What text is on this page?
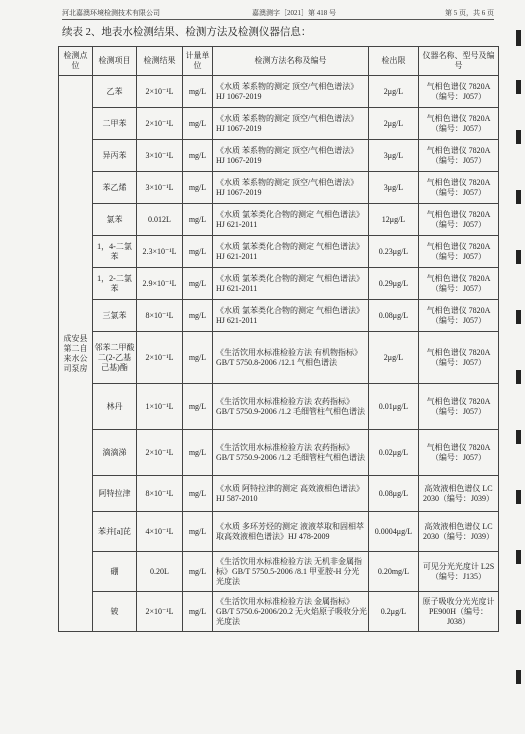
河北嘉澳环境检测技术有限公司	嘉澳测字［2021］第 418 号	第 5 页，共 6 页
续表 2、地表水检测结果、检测方法及检测仪器信息：
检测点位	检测项目	检测结果	计量单位	检测方法名称及编号	检出限	仪器名称、型号及编号
成安县第二自来水公司泵房	乙苯	2×10⁻¹L	mg/L	《水质 苯系物的测定 顶空/气相色谱法》HJ 1067-2019	2μg/L	气相色谱仪 7820A（编号：J057）
	二甲苯	2×10⁻¹L	mg/L	《水质 苯系物的测定 顶空/气相色谱法》HJ 1067-2019	2μg/L	气相色谱仪 7820A（编号：J057）
	异丙苯	3×10⁻¹L	mg/L	《水质 苯系物的测定 顶空/气相色谱法》HJ 1067-2019	3μg/L	气相色谱仪 7820A（编号：J057）
	苯乙烯	3×10⁻¹L	mg/L	《水质 苯系物的测定 顶空/气相色谱法》HJ 1067-2019	3μg/L	气相色谱仪 7820A（编号：J057）
	氯苯	0.012L	mg/L	《水质 氯苯类化合物的测定 气相色谱法》HJ 621-2011	12μg/L	气相色谱仪 7820A（编号：J057）
	1，4-二氯苯	2.3×10⁻¹L	mg/L	《水质 氯苯类化合物的测定 气相色谱法》HJ 621-2011	0.23μg/L	气相色谱仪 7820A（编号：J057）
	1，2-二氯苯	2.9×10⁻¹L	mg/L	《水质 氯苯类化合物的测定 气相色谱法》HJ 621-2011	0.29μg/L	气相色谱仪 7820A（编号：J057）
	三氯苯	8×10⁻¹L	mg/L	《水质 氯苯类化合物的测定 气相色谱法》HJ 621-2011	0.08μg/L	气相色谱仪 7820A（编号：J057）
	邻苯二甲酸二(2-乙基己基)酯	2×10⁻¹L	mg/L	《生活饮用水标准检验方法 有机物指标》GB/T 5750.8-2006 /12.1 气相色谱法	2μg/L	气相色谱仪 7820A（编号：J057）
	林丹	1×10⁻¹L	mg/L	《生活饮用水标准检验方法 农药指标》GB/T 5750.9-2006 /1.2 毛细管柱气相色谱法	0.01μg/L	气相色谱仪 7820A（编号：J057）
	滴滴涕	2×10⁻¹L	mg/L	《生活饮用水标准检验方法 农药指标》GB/T 5750.9-2006 /1.2 毛细管柱气相色谱法	0.02μg/L	气相色谱仪 7820A（编号：J057）
	阿特拉津	8×10⁻¹L	mg/L	《水质 阿特拉津的测定 高效液相色谱法》HJ 587-2010	0.08μg/L	高效液相色谱仪 LC 2030（编号：J039）
	苯并[a]芘	4×10⁻¹L	mg/L	《水质 多环芳烃的测定 液液萃取和固相萃取高效液相色谱法》HJ 478-2009	0.0004μg/L	高效液相色谱仪 LC 2030（编号：J039）
	硼	0.20L	mg/L	《生活饮用水标准检验方法 无机非金属指标》GB/T 5750.5-2006 /8.1 甲亚胺-H 分光光度法	0.20mg/L	可见分光光度计 L2S（编号：J135）
	铍	2×10⁻¹L	mg/L	《生活饮用水标准检验方法 金属指标》GB/T 5750.6-2006/20.2 无火焰原子吸收分光光度法	0.2μg/L	原子吸收分光光度计 PE900H（编号：J038）
